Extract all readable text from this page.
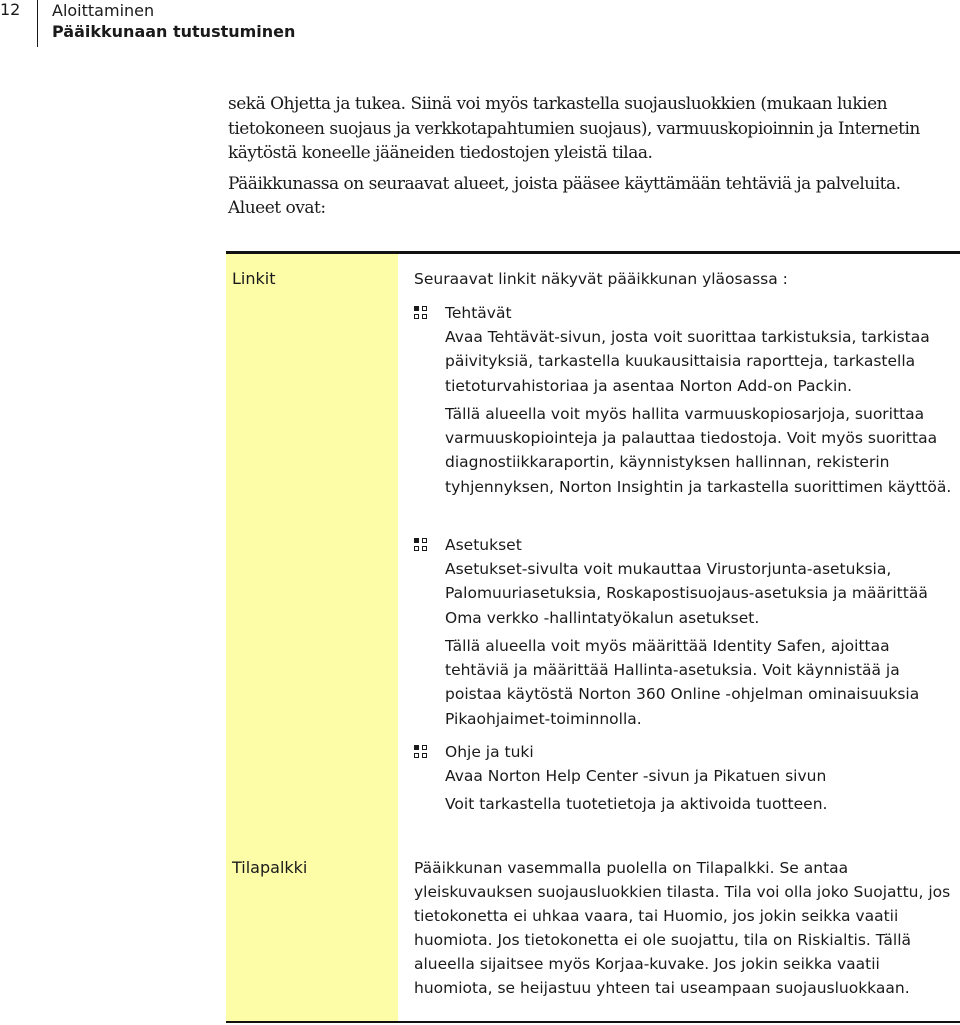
12	Aloittaminen
Pääikkunaan tutustuminen

sekä Ohjetta ja tukea. Siinä voi myös tarkastella suojausluokkien (mukaan lukien tietokoneen suojaus ja verkkotapahtumien suojaus), varmuuskopioinnin ja Internetin käytöstä koneelle jääneiden tiedostojen yleistä tilaa.

Pääikkunassa on seuraavat alueet, joista pääsee käyttämään tehtäviä ja palveluita. Alueet ovat:

Linkit	Seuraavat linkit näkyvät pääikkunan yläosassa :
Tehtävät

Avaa Tehtävät-sivun, josta voit suorittaa tarkistuksia, tarkistaa päivityksiä, tarkastella kuukausittaisia raportteja, tarkastella tietoturvahistoriaa ja asentaa Norton Add-on Packin.

Tällä alueella voit myös hallita varmuuskopiosarjoja, suorittaa varmuuskopiointeja ja palauttaa tiedostoja. Voit myös suorittaa diagnostiikkaraportin, käynnistyksen hallinnan, rekisterin tyhjennyksen, Norton Insightin ja tarkastella suorittimen käyttöä.

Asetukset

Asetukset-sivulta voit mukauttaa Virustorjunta-asetuksia, Palomuuriasetuksia, Roskapostisuojaus-asetuksia ja määrittää Oma verkko -hallintatyökalun asetukset.

Tällä alueella voit myös määrittää Identity Safen, ajoittaa tehtäviä ja määrittää Hallinta-asetuksia. Voit käynnistää ja poistaa käytöstä Norton 360 Online -ohjelman ominaisuuksia Pikaohjaimet-toiminnolla.

Ohje ja tuki

Avaa Norton Help Center -sivun ja Pikatuen sivun

Voit tarkastella tuotetietoja ja aktivoida tuotteen.

Tilapalkki	Pääikkunan vasemmalla puolella on Tilapalkki. Se antaa yleiskuvauksen suojausluokkien tilasta. Tila voi olla joko Suojattu, jos tietokonetta ei uhkaa vaara, tai Huomio, jos jokin seikka vaatii huomiota. Jos tietokonetta ei ole suojattu, tila on Riskialtis. Tällä alueella sijaitsee myös Korjaa-kuvake. Jos jokin seikka vaatii huomiota, se heijastuu yhteen tai useampaan suojausluokkaan.
